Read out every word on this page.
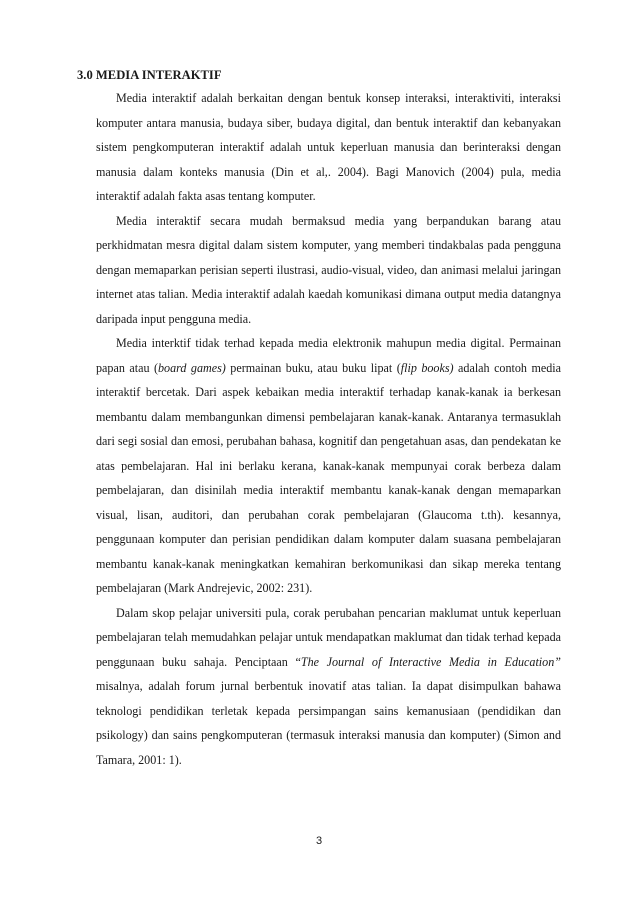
3.0 MEDIA INTERAKTIF

Media interaktif adalah berkaitan dengan bentuk konsep interaksi, interaktiviti, interaksi komputer antara manusia, budaya siber, budaya digital, dan bentuk interaktif dan kebanyakan sistem pengkomputeran interaktif adalah untuk keperluan manusia dan berinteraksi dengan manusia dalam konteks manusia (Din et al,. 2004). Bagi Manovich (2004) pula, media interaktif adalah fakta asas tentang komputer.

Media interaktif secara mudah bermaksud media yang berpandukan barang atau perkhidmatan mesra digital dalam sistem komputer, yang memberi tindakbalas pada pengguna dengan memaparkan perisian seperti ilustrasi, audio-visual, video, dan animasi melalui jaringan internet atas talian. Media interaktif adalah kaedah komunikasi dimana output media datangnya daripada input pengguna media.

Media interktif tidak terhad kepada media elektronik mahupun media digital. Permainan papan atau (board games) permainan buku, atau buku lipat (flip books) adalah contoh media interaktif bercetak. Dari aspek kebaikan media interaktif terhadap kanak-kanak ia berkesan membantu dalam membangunkan dimensi pembelajaran kanak-kanak. Antaranya termasuklah dari segi sosial dan emosi, perubahan bahasa, kognitif dan pengetahuan asas, dan pendekatan ke atas pembelajaran. Hal ini berlaku kerana, kanak-kanak mempunyai corak berbeza dalam pembelajaran, dan disinilah media interaktif membantu kanak-kanak dengan memaparkan visual, lisan, auditori, dan perubahan corak pembelajaran (Glaucoma t.th). kesannya, penggunaan komputer dan perisian pendidikan dalam komputer dalam suasana pembelajaran membantu kanak-kanak meningkatkan kemahiran berkomunikasi dan sikap mereka tentang pembelajaran (Mark Andrejevic, 2002: 231).

Dalam skop pelajar universiti pula, corak perubahan pencarian maklumat untuk keperluan pembelajaran telah memudahkan pelajar untuk mendapatkan maklumat dan tidak terhad kepada penggunaan buku sahaja. Penciptaan “The Journal of Interactive Media in Education” misalnya, adalah forum jurnal berbentuk inovatif atas talian. Ia dapat disimpulkan bahawa teknologi pendidikan terletak kepada persimpangan sains kemanusiaan (pendidikan dan psikology) dan sains pengkomputeran (termasuk interaksi manusia dan komputer) (Simon and Tamara, 2001: 1).

3
